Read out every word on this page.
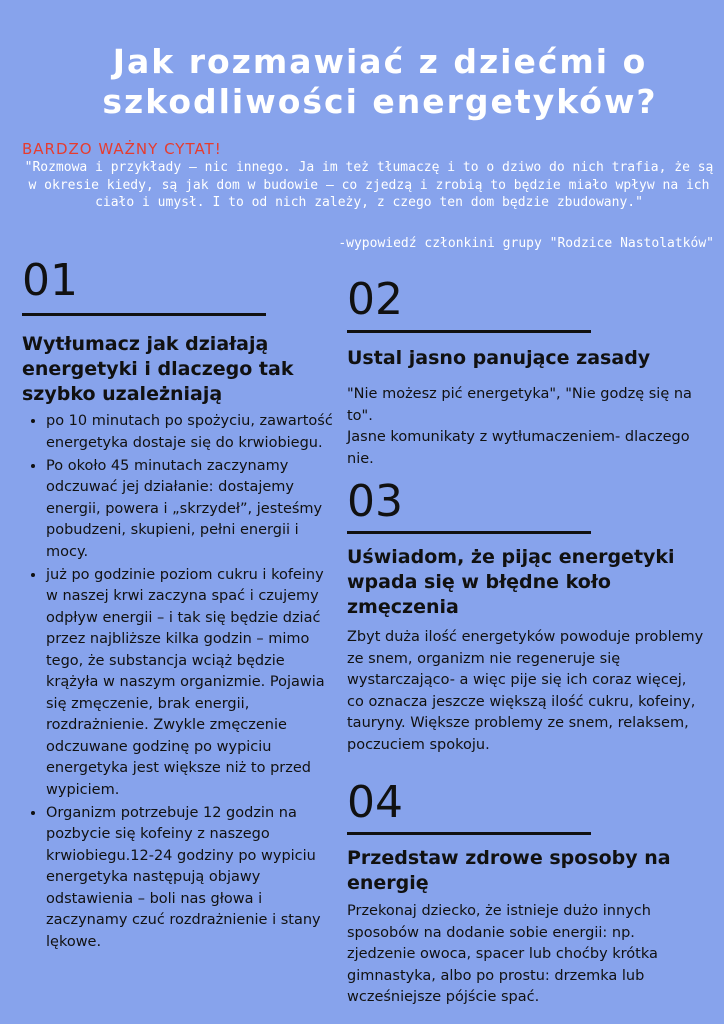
Jak rozmawiać z dziećmi o szkodliwości energetyków?
BARDZO WAŻNY CYTAT!
"Rozmowa i przykłady – nic innego. Ja im też tłumaczę i to o dziwo do nich trafia, że są w okresie kiedy, są jak dom w budowie – co zjedzą i zrobią to będzie miało wpływ na ich ciało i umysł. I to od nich zależy, z czego ten dom będzie zbudowany."
-wypowiedź członkini grupy "Rodzice Nastolatków"
01
Wytłumacz jak działają energetyki i dlaczego tak szybko uzależniają
• po 10 minutach po spożyciu, zawartość energetyka dostaje się do krwiobiegu.
• Po około 45 minutach zaczynamy odczuwać jej działanie: dostajemy energii, powera i „skrzydeł”, jesteśmy pobudzeni, skupieni, pełni energii i mocy.
• już po godzinie poziom cukru i kofeiny w naszej krwi zaczyna spać i czujemy odpływ energii – i tak się będzie dziać przez najbliższe kilka godzin – mimo tego, że substancja wciąż będzie krążyła w naszym organizmie. Pojawia się zmęczenie, brak energii, rozdrażnienie. Zwykle zmęczenie odczuwane godzinę po wypiciu energetyka jest większe niż to przed wypiciem.
• Organizm potrzebuje 12 godzin na pozbycie się kofeiny z naszego krwiobiegu.12-24 godziny po wypiciu energetyka następują objawy odstawienia – boli nas głowa i zaczynamy czuć rozdrażnienie i stany lękowe.
02
Ustal jasno panujące zasady

"Nie możesz pić energetyka", "Nie godzę się na to".

Jasne komunikaty z wytłumaczeniem- dlaczego nie.

03
Uświadom, że pijąc energetyki wpada się w błędne koło zmęczenia
Zbyt duża ilość energetyków powoduje problemy ze snem, organizm nie regeneruje się wystarczająco- a więc pije się ich coraz więcej, co oznacza jeszcze większą ilość cukru, kofeiny, tauryny. Większe problemy ze snem, relaksem, poczuciem spokoju.
04
Przedstaw zdrowe sposoby na energię
Przekonaj dziecko, że istnieje dużo innych sposobów na dodanie sobie energii: np. zjedzenie owoca, spacer lub choćby krótka gimnastyka, albo po prostu: drzemka lub wcześniejsze pójście spać.
